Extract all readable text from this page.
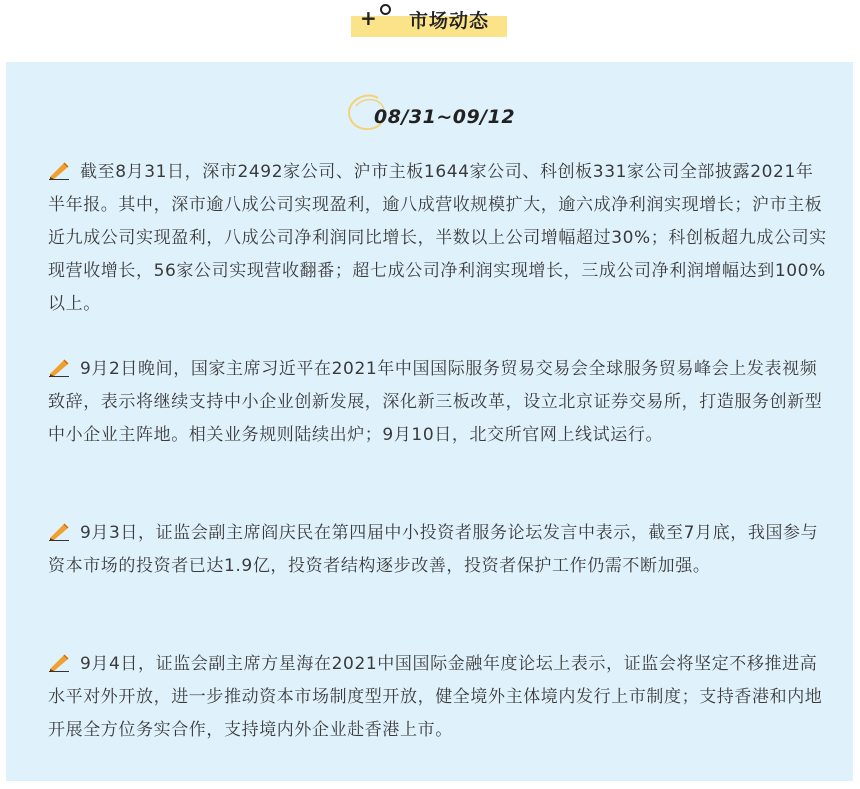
+ 市场动态
08/31~09/12

截至8月31日，深市2492家公司、沪市主板1644家公司、科创板331家公司全部披露2021年半年报。其中，深市逾八成公司实现盈利，逾八成营收规模扩大，逾六成净利润实现增长；沪市主板近九成公司实现盈利，八成公司净利润同比增长，半数以上公司增幅超过30%；科创板超九成公司实现营收增长，56家公司实现营收翻番；超七成公司净利润实现增长，三成公司净利润增幅达到100%以上。

9月2日晚间，国家主席习近平在2021年中国国际服务贸易交易会全球服务贸易峰会上发表视频致辞，表示将继续支持中小企业创新发展，深化新三板改革，设立北京证券交易所，打造服务创新型中小企业主阵地。相关业务规则陆续出炉；9月10日，北交所官网上线试运行。

9月3日，证监会副主席阎庆民在第四届中小投资者服务论坛发言中表示，截至7月底，我国参与资本市场的投资者已达1.9亿，投资者结构逐步改善，投资者保护工作仍需不断加强。

9月4日，证监会副主席方星海在2021中国国际金融年度论坛上表示，证监会将坚定不移推进高水平对外开放，进一步推动资本市场制度型开放，健全境外主体境内发行上市制度；支持香港和内地开展全方位务实合作，支持境内外企业赴香港上市。
